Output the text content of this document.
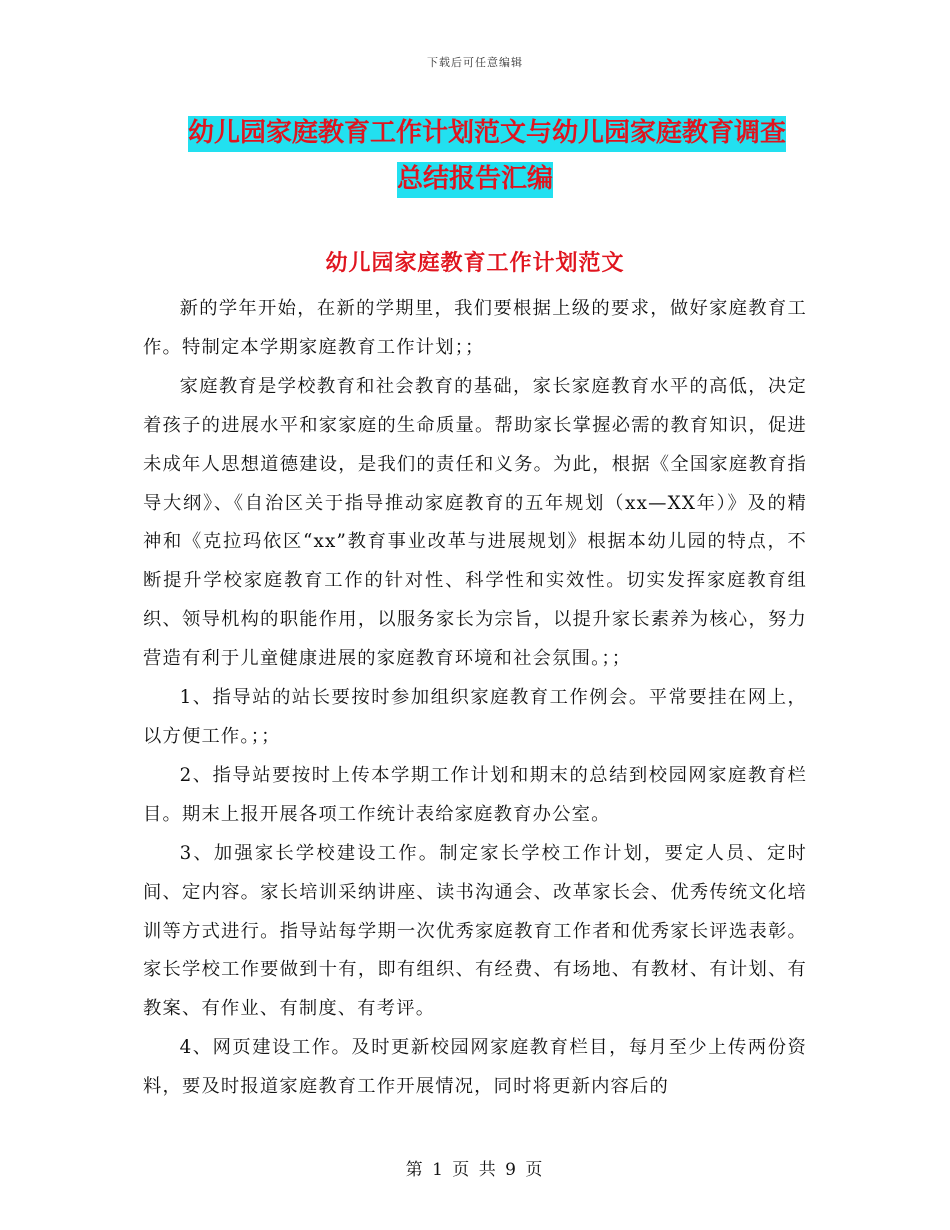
下载后可任意编辑
幼儿园家庭教育工作计划范文与幼儿园家庭教育调查
总结报告汇编
幼儿园家庭教育工作计划范文

新的学年开始，在新的学期里，我们要根据上级的要求，做好家庭教育工作。特制定本学期家庭教育工作计划；；

家庭教育是学校教育和社会教育的基础，家长家庭教育水平的高低，决定着孩子的进展水平和家家庭的生命质量。帮助家长掌握必需的教育知识，促进未成年人思想道德建设，是我们的责任和义务。为此，根据《全国家庭教育指导大纲》、《自治区关于指导推动家庭教育的五年规划（xx—XX年）》及的精神和《克拉玛依区“xx”教育事业改革与进展规划》根据本幼儿园的特点，不断提升学校家庭教育工作的针对性、科学性和实效性。切实发挥家庭教育组织、领导机构的职能作用，以服务家长为宗旨，以提升家长素养为核心，努力营造有利于儿童健康进展的家庭教育环境和社会氛围。；；

1、指导站的站长要按时参加组织家庭教育工作例会。平常要挂在网上，以方便工作。；；

2、指导站要按时上传本学期工作计划和期末的总结到校园网家庭教育栏目。期末上报开展各项工作统计表给家庭教育办公室。

3、加强家长学校建设工作。制定家长学校工作计划，要定人员、定时间、定内容。家长培训采纳讲座、读书沟通会、改革家长会、优秀传统文化培训等方式进行。指导站每学期一次优秀家庭教育工作者和优秀家长评选表彰。家长学校工作要做到十有，即有组织、有经费、有场地、有教材、有计划、有教案、有作业、有制度、有考评。

4、网页建设工作。及时更新校园网家庭教育栏目，每月至少上传两份资料，要及时报道家庭教育工作开展情况，同时将更新内容后的

第 1 页 共 9 页
